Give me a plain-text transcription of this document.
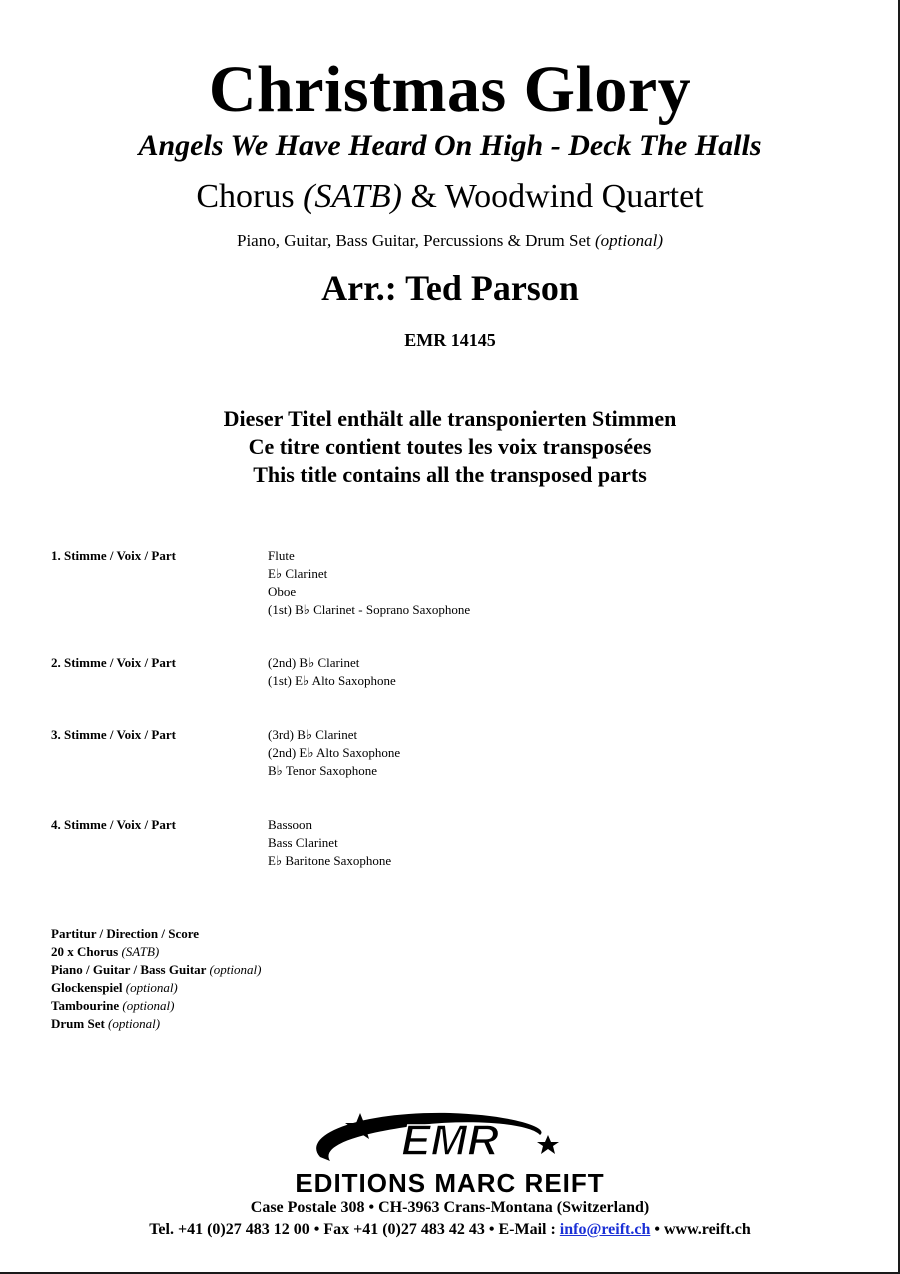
Christmas Glory
Angels We Have Heard On High - Deck The Halls
Chorus (SATB) & Woodwind Quartet
Piano, Guitar, Bass Guitar, Percussions & Drum Set (optional)
Arr.: Ted Parson
EMR 14145
Dieser Titel enthält alle transponierten Stimmen
Ce titre contient toutes les voix transposées
This title contains all the transposed parts
1. Stimme / Voix / Part	Flute
E♭ Clarinet
Oboe
(1st) B♭ Clarinet - Soprano Saxophone
2. Stimme / Voix / Part	(2nd) B♭ Clarinet
(1st) E♭ Alto Saxophone
3. Stimme / Voix / Part	(3rd) B♭ Clarinet
(2nd) E♭ Alto Saxophone
B♭ Tenor Saxophone
4. Stimme / Voix / Part	Bassoon
Bass Clarinet
E♭ Baritone Saxophone
Partitur / Direction / Score
20 x Chorus (SATB)
Piano / Guitar / Bass Guitar (optional)
Glockenspiel (optional)
Tambourine (optional)
Drum Set (optional)
EMR
EDITIONS MARC REIFT
Case Postale 308 • CH-3963 Crans-Montana (Switzerland)
Tel. +41 (0)27 483 12 00 • Fax +41 (0)27 483 42 43 • E-Mail : info@reift.ch • www.reift.ch
